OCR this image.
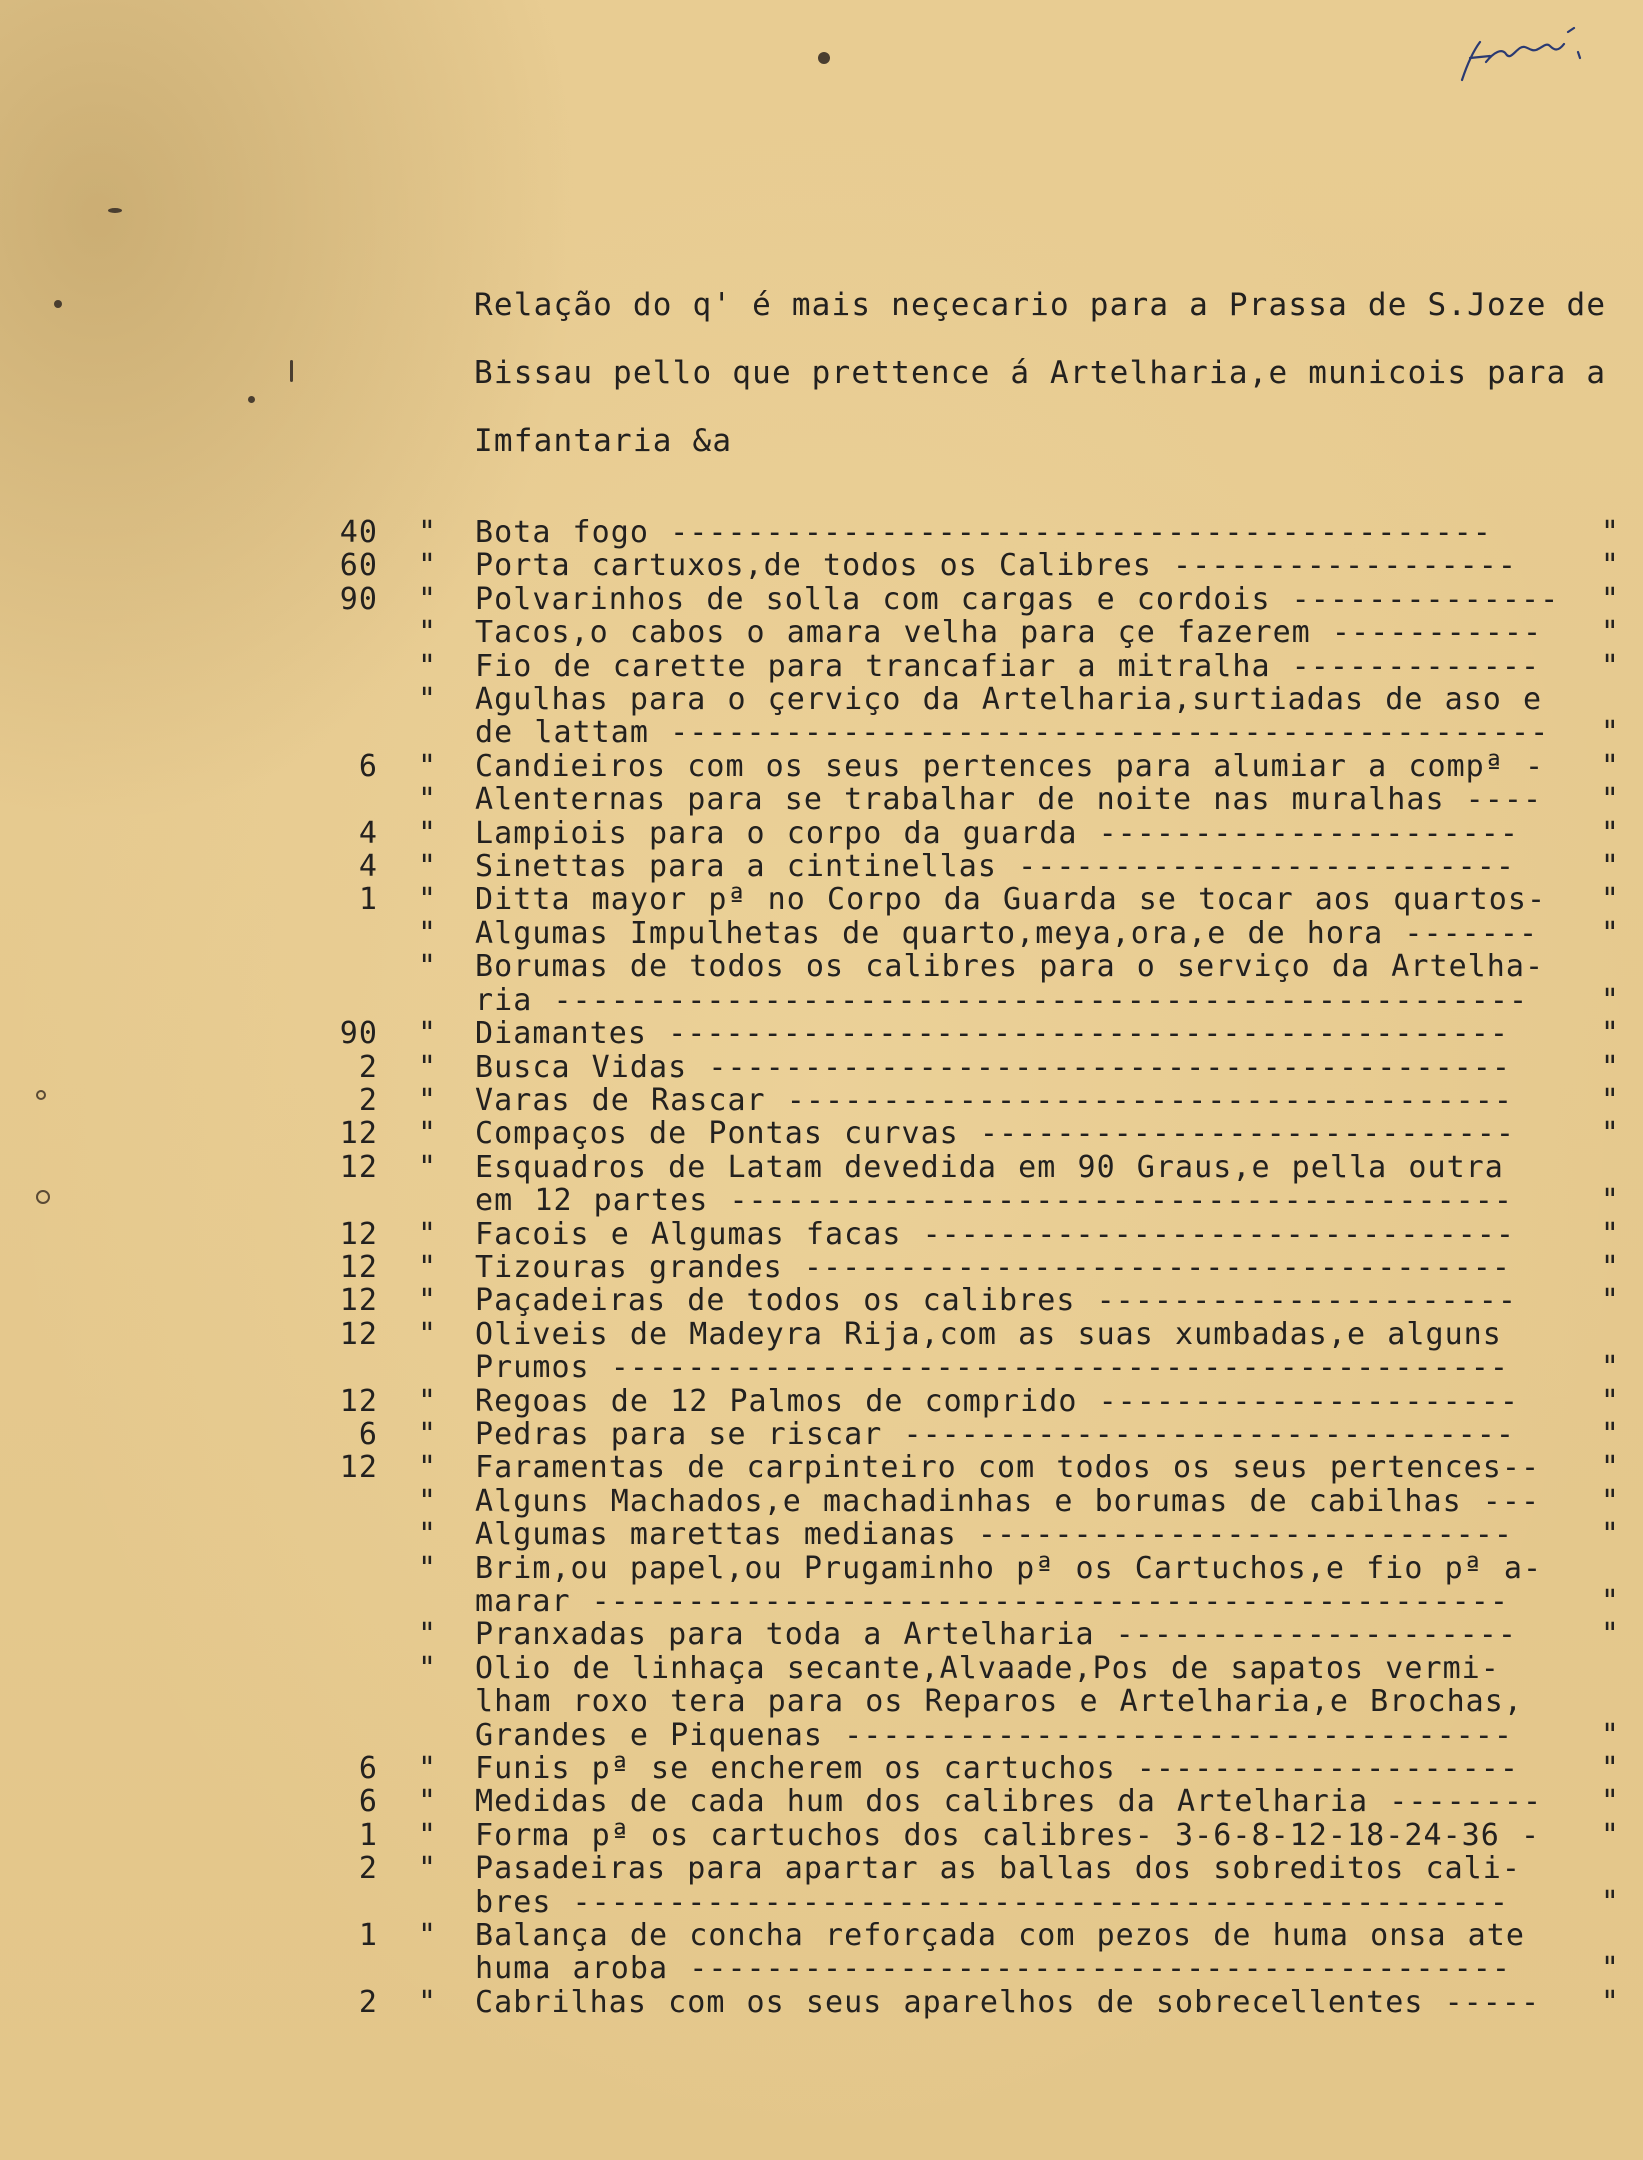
Relação do q' é mais neçecario para a Prassa de S.Joze de
Bissau pello que prettence á Artelharia,e municois para a
Imfantaria &a
40 " Bota fogo -------------------------------------------	"
60 " Porta cartuxos,de todos os Calibres ------------------	"
90 " Polvarinhos de solla com cargas e cordois --------------	"
" Tacos,o cabos o amara velha para çe fazerem -----------	"
" Fio de carette para trancafiar a mitralha -------------	"
" Agulhas para o çerviço da Artelharia,surtiadas de aso e
de lattam ----------------------------------------------	"
6 " Candieiros com os seus pertences para alumiar a compª -	"
" Alenternas para se trabalhar de noite nas muralhas ----	"
4 " Lampiois para o corpo da guarda ----------------------	"
4 " Sinettas para a cintinellas --------------------------	"
1 " Ditta mayor pª no Corpo da Guarda se tocar aos quartos-	"
" Algumas Impulhetas de quarto,meya,ora,e de hora -------	"
" Borumas de todos os calibres para o serviço da Artelha-
ria ---------------------------------------------------	"
90 " Diamantes --------------------------------------------	"
2 " Busca Vidas ------------------------------------------	"
2 " Varas de Rascar --------------------------------------	"
12 " Compaços de Pontas curvas ----------------------------	"
12 " Esquadros de Latam devedida em 90 Graus,e pella outra
em 12 partes -----------------------------------------	"
12 " Facois e Algumas facas -------------------------------	"
12 " Tizouras grandes -------------------------------------	"
12 " Paçadeiras de todos os calibres ----------------------	"
12 " Oliveis de Madeyra Rija,com as suas xumbadas,e alguns
Prumos -----------------------------------------------	"
12 " Regoas de 12 Palmos de comprido ----------------------	"
6 " Pedras para se riscar --------------------------------	"
12 " Faramentas de carpinteiro com todos os seus pertences--	"
" Alguns Machados,e machadinhas e borumas de cabilhas ---	"
" Algumas marettas medianas ----------------------------	"
" Brim,ou papel,ou Prugaminho pª os Cartuchos,e fio pª a-
marar ------------------------------------------------	"
" Pranxadas para toda a Artelharia ---------------------	"
" Olio de linhaça secante,Alvaade,Pos de sapatos vermi-
lham roxo tera para os Reparos e Artelharia,e Brochas,
Grandes e Piquenas -----------------------------------	"
6 " Funis pª se encherem os cartuchos --------------------	"
6 " Medidas de cada hum dos calibres da Artelharia --------	"
1 " Forma pª os cartuchos dos calibres- 3-6-8-12-18-24-36 -	"
2 " Pasadeiras para apartar as ballas dos sobreditos cali-
bres -------------------------------------------------	"
1 " Balança de concha reforçada com pezos de huma onsa ate
huma aroba -------------------------------------------	"
2 " Cabrilhas com os seus aparelhos de sobrecellentes -----	"
